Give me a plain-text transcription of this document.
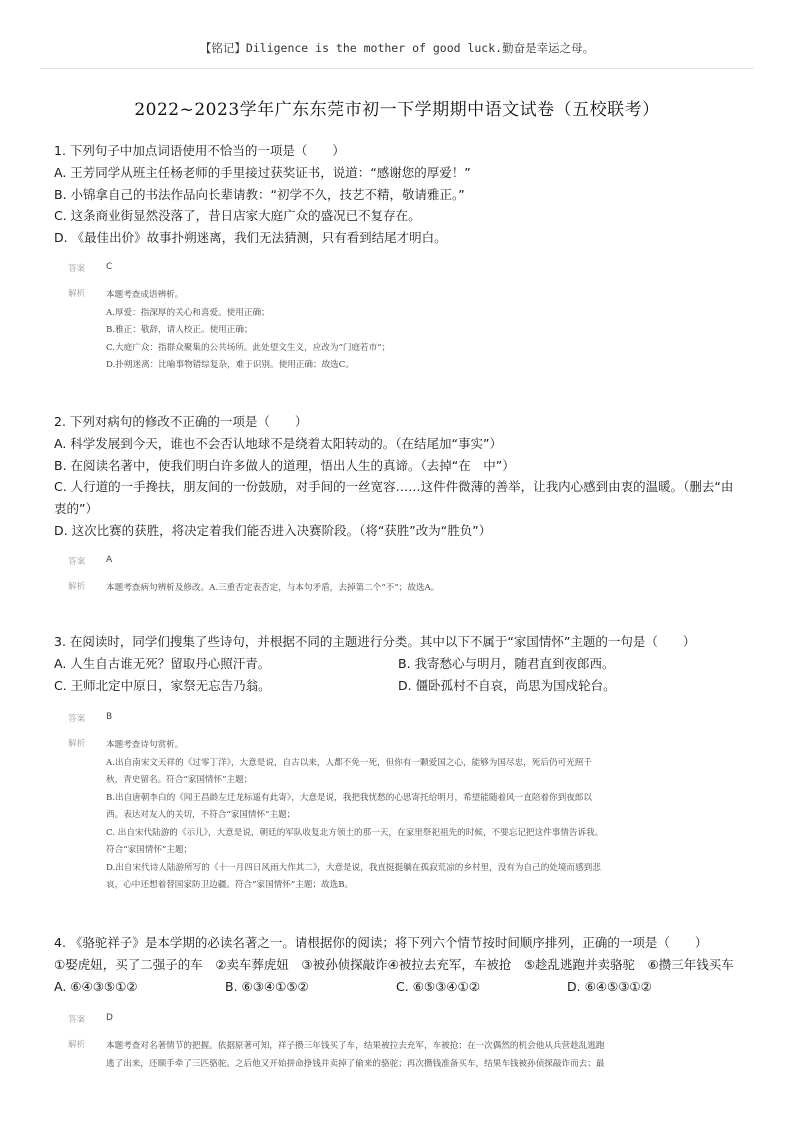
【铭记】Diligence is the mother of good luck.勤奋是幸运之母。
2022~2023学年广东东莞市初一下学期期中语文试卷（五校联考）
1. 下列句子中加点词语使用不恰当的一项是（　　）
A. 王芳同学从班主任杨老师的手里接过获奖证书，说道：“感谢您的厚爱！”
B. 小锦拿自己的书法作品向长辈请教：“初学不久，技艺不精，敬请雅正。”
C. 这条商业街显然没落了，昔日店家大庭广众的盛况已不复存在。
D. 《最佳出价》故事扑朔迷离，我们无法猜测，只有看到结尾才明白。
答案	C
解析	本题考查成语辨析。
A.厚爱：指深厚的关心和喜爱。使用正确；
B.雅正：敬辞，请人校正。使用正确；
C.大庭广众：指群众聚集的公共场所。此处望文生义，应改为“门庭若市”；
D.扑朔迷离：比喻事物错综复杂，难于识别。使用正确；故选C。
2. 下列对病句的修改不正确的一项是（　　）
A. 科学发展到今天，谁也不会否认地球不是绕着太阳转动的。（在结尾加“事实”）
B. 在阅读名著中，使我们明白许多做人的道理，悟出人生的真谛。（去掉“在　中”）
C. 人行道的一手搀扶，朋友间的一份鼓励，对手间的一丝宽容……这件件微薄的善举，让我内心感到由衷的温暖。（删去“由衷的”）
D. 这次比赛的获胜，将决定着我们能否进入决赛阶段。（将“获胜”改为“胜负”）
答案	A
解析	本题考查病句辨析及修改。A.三重否定表否定，与本句矛盾，去掉第二个“不”；故选A。
3. 在阅读时，同学们搜集了些诗句，并根据不同的主题进行分类。其中以下不属于“家国情怀”主题的一句是（　　）
A. 人生自古谁无死？留取丹心照汗青。	B. 我寄愁心与明月，随君直到夜郎西。
C. 王师北定中原日，家祭无忘告乃翁。	D. 僵卧孤村不自哀，尚思为国戍轮台。
答案	B
解析	本题考查诗句赏析。
A.出自南宋文天祥的《过零丁洋》，大意是说，自古以来，人都不免一死，但你有一颗爱国之心，能够为国尽忠，死后仍可光照千
秋，青史留名。符合“家国情怀”主题；
B.出自唐朝李白的《闻王昌龄左迁龙标遥有此寄》，大意是说，我把我忧愁的心思寄托给明月，希望能随着风一直陪着你到夜郎以
西。表达对友人的关切，不符合“家国情怀”主题；
C. 出自宋代陆游的《示儿》，大意是说，朝廷的军队收复北方领土的那一天，在家里祭祀祖先的时候，不要忘记把这件事情告诉我。
符合“家国情怀”主题；
D.出自宋代诗人陆游所写的《十一月四日风雨大作其二》，大意是说，我直挺挺躺在孤寂荒凉的乡村里，没有为自己的处境而感到悲
哀，心中还想着替国家防卫边疆。符合“家国情怀”主题；故选B。
4. 《骆驼祥子》是本学期的必读名著之一。请根据你的阅读；将下列六个情节按时间顺序排列，正确的一项是（　　）
①娶虎妞，买了二强子的车　②卖车葬虎妞　③被孙侦探敲诈④被拉去充军，车被抢　⑤趁乱逃跑并卖骆驼　⑥攒三年钱买车
A. ⑥④③⑤①②	B. ⑥③④①⑤②	C. ⑥⑤③④①②	D. ⑥④⑤③①②
答案	D
解析	本题考查对名著情节的把握。依据原著可知，祥子攒三年钱买了车，结果被拉去充军，车被抢；在一次偶然的机会他从兵营趁乱逃跑
逃了出来，还顺手牵了三匹骆驼。之后他又开始拼命挣钱并卖掉了偷来的骆驼；再次攒钱准备买车，结果车钱被孙侦探敲诈而去；最
